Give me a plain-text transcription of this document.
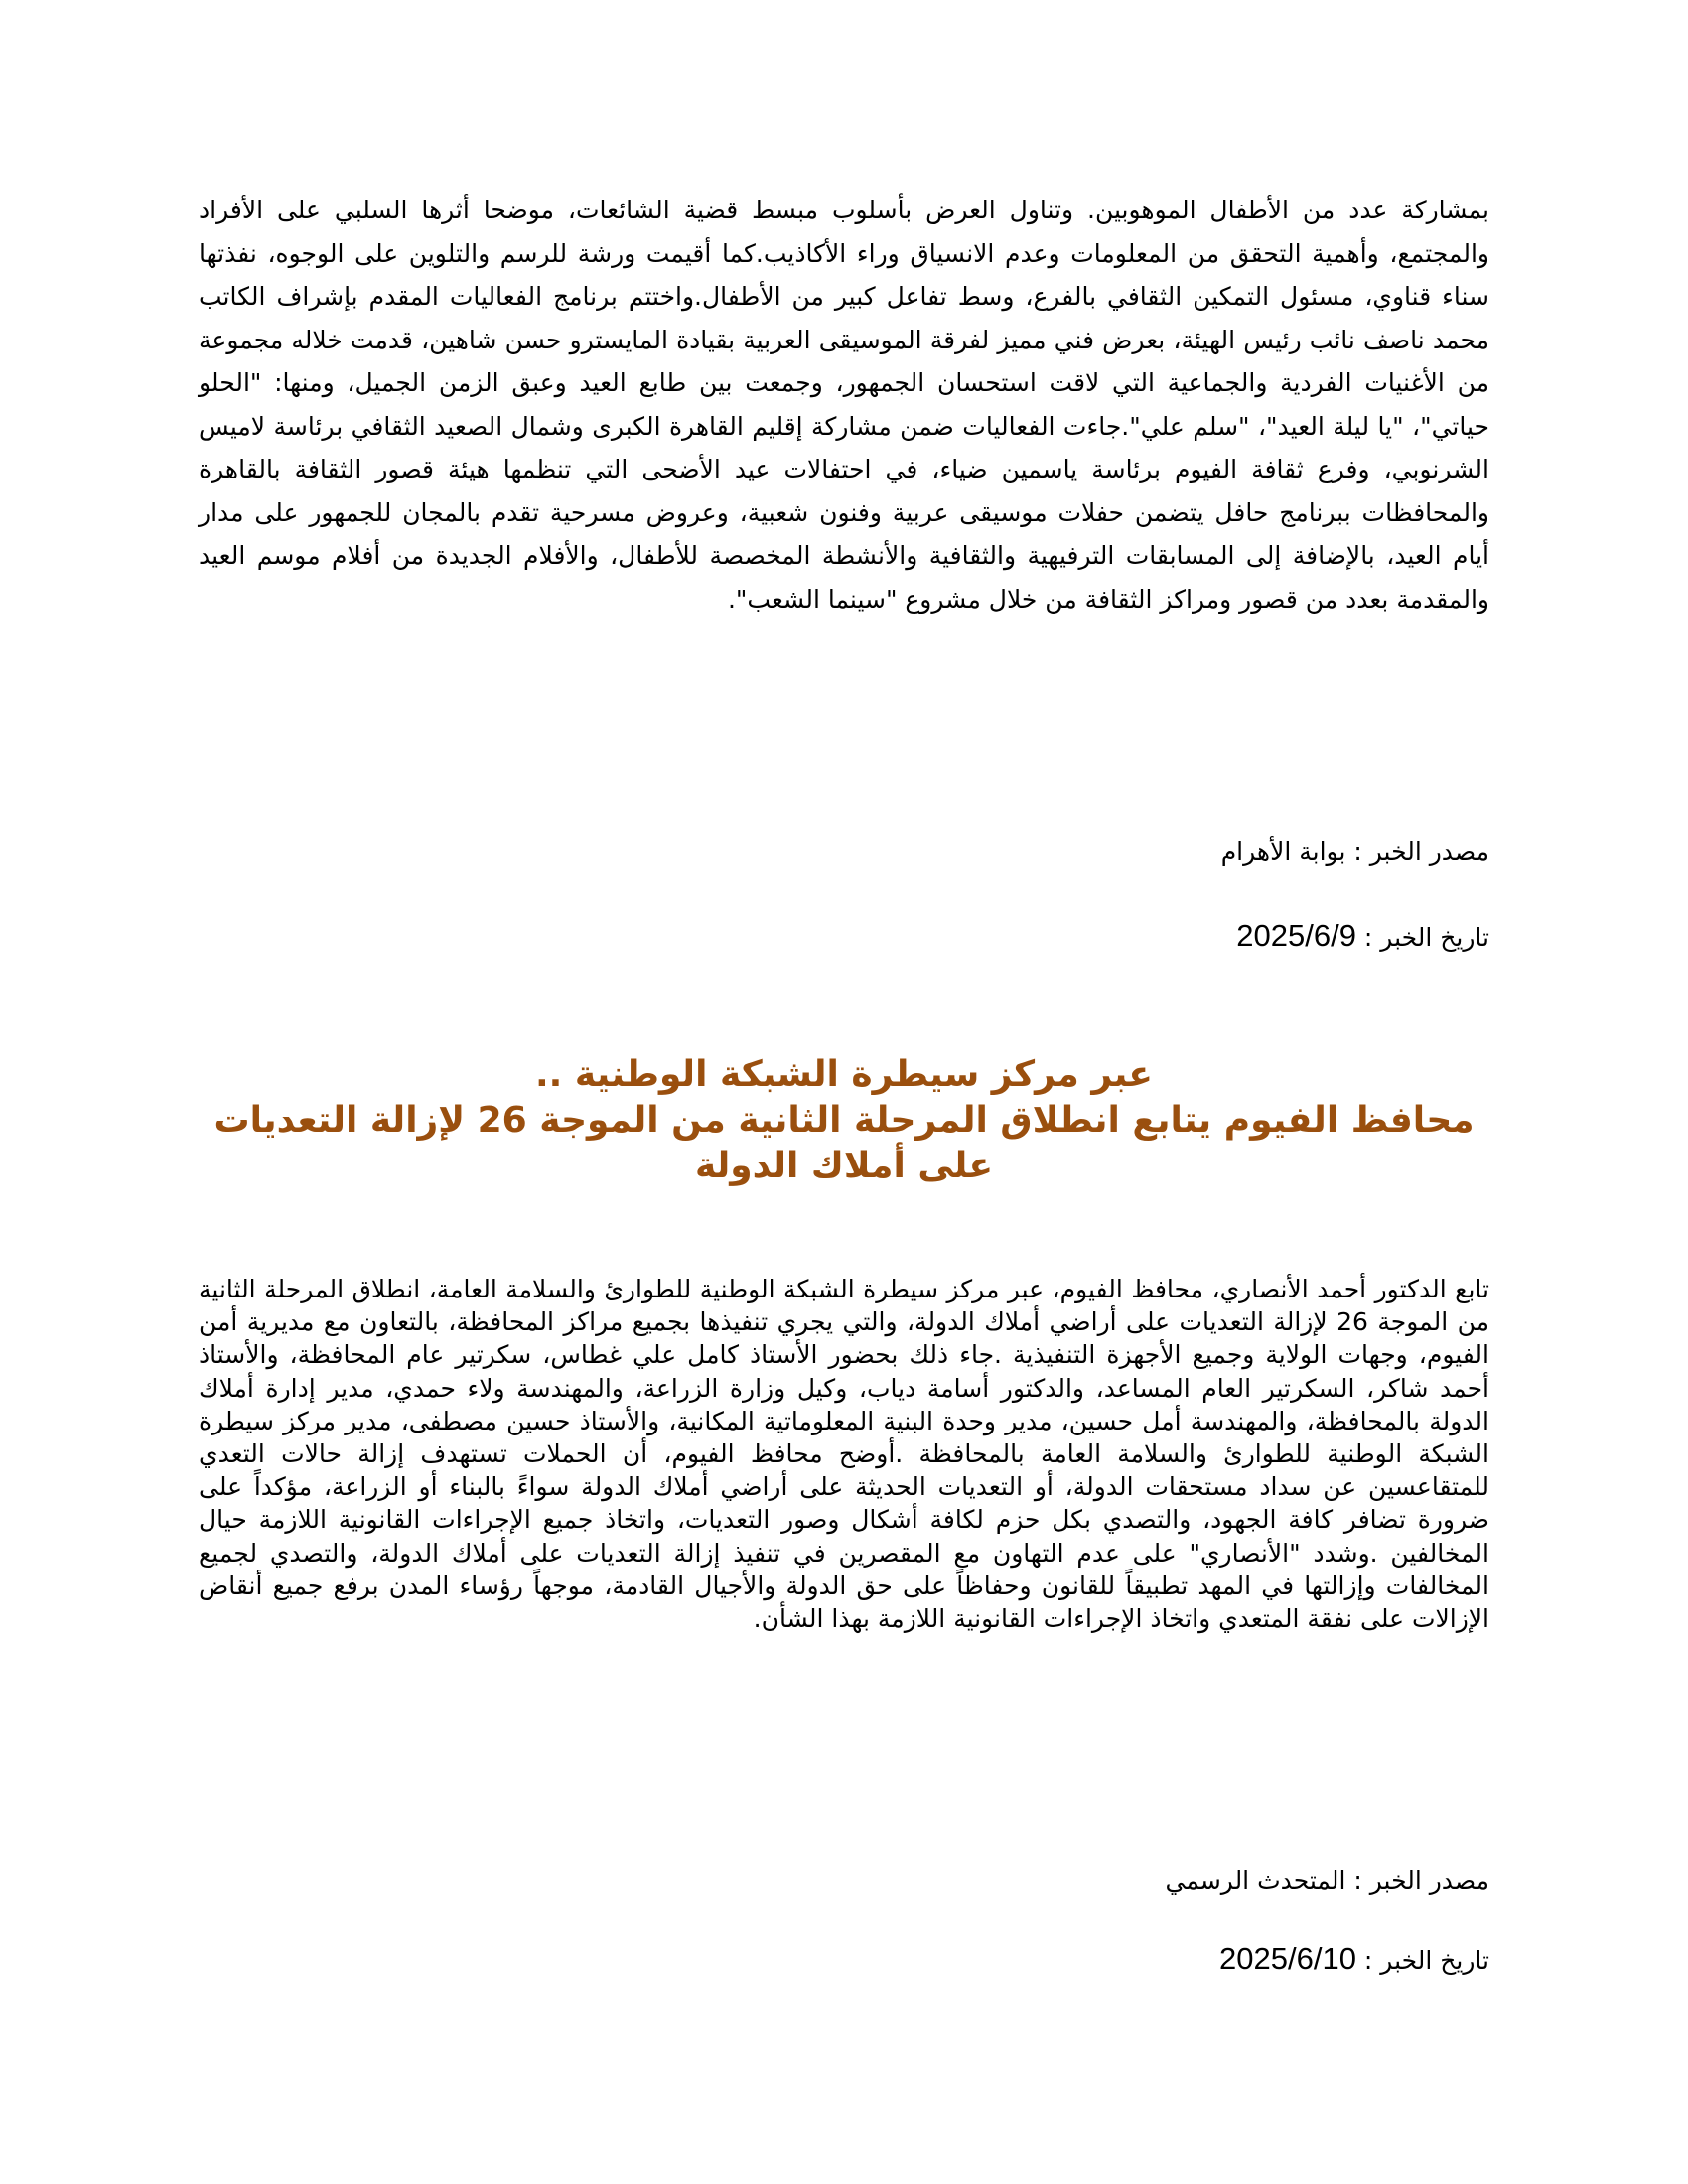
بمشاركة عدد من الأطفال الموهوبين. وتناول العرض بأسلوب مبسط قضية الشائعات، موضحا أثرها السلبي على الأفراد والمجتمع، وأهمية التحقق من المعلومات وعدم الانسياق وراء الأكاذيب.كما أقيمت ورشة للرسم والتلوين على الوجوه، نفذتها سناء قناوي، مسئول التمكين الثقافي بالفرع، وسط تفاعل كبير من الأطفال.واختتم برنامج الفعاليات المقدم بإشراف الكاتب محمد ناصف نائب رئيس الهيئة، بعرض فني مميز لفرقة الموسيقى العربية بقيادة المايسترو حسن شاهين، قدمت خلاله مجموعة من الأغنيات الفردية والجماعية التي لاقت استحسان الجمهور، وجمعت بين طابع العيد وعبق الزمن الجميل، ومنها: "الحلو حياتي"، "يا ليلة العيد"، "سلم علي".جاءت الفعاليات ضمن مشاركة إقليم القاهرة الكبرى وشمال الصعيد الثقافي برئاسة لاميس الشرنوبي، وفرع ثقافة الفيوم برئاسة ياسمين ضياء، في احتفالات عيد الأضحى التي تنظمها هيئة قصور الثقافة بالقاهرة والمحافظات ببرنامج حافل يتضمن حفلات موسيقى عربية وفنون شعبية، وعروض مسرحية تقدم بالمجان للجمهور على مدار أيام العيد، بالإضافة إلى المسابقات الترفيهية والثقافية والأنشطة المخصصة للأطفال، والأفلام الجديدة من أفلام موسم العيد والمقدمة بعدد من قصور ومراكز الثقافة من خلال مشروع "سينما الشعب".

مصدر الخبر : بوابة الأهرام

تاريخ الخبر : 2025/6/9

عبر مركز سيطرة الشبكة الوطنية ..
محافظ الفيوم يتابع انطلاق المرحلة الثانية من الموجة 26 لإزالة التعديات على أملاك الدولة

تابع الدكتور أحمد الأنصاري، محافظ الفيوم، عبر مركز سيطرة الشبكة الوطنية للطوارئ والسلامة العامة، انطلاق المرحلة الثانية من الموجة 26 لإزالة التعديات على أراضي أملاك الدولة، والتي يجري تنفيذها بجميع مراكز المحافظة، بالتعاون مع مديرية أمن الفيوم، وجهات الولاية وجميع الأجهزة التنفيذية .جاء ذلك بحضور الأستاذ كامل علي غطاس، سكرتير عام المحافظة، والأستاذ أحمد شاكر، السكرتير العام المساعد، والدكتور أسامة دياب، وكيل وزارة الزراعة، والمهندسة ولاء حمدي، مدير إدارة أملاك الدولة بالمحافظة، والمهندسة أمل حسين، مدير وحدة البنية المعلوماتية المكانية، والأستاذ حسين مصطفى، مدير مركز سيطرة الشبكة الوطنية للطوارئ والسلامة العامة بالمحافظة .أوضح محافظ الفيوم، أن الحملات تستهدف إزالة حالات التعدي للمتقاعسين عن سداد مستحقات الدولة، أو التعديات الحديثة على أراضي أملاك الدولة سواءً بالبناء أو الزراعة، مؤكداً على ضرورة تضافر كافة الجهود، والتصدي بكل حزم لكافة أشكال وصور التعديات، واتخاذ جميع الإجراءات القانونية اللازمة حيال المخالفين .وشدد "الأنصاري" على عدم التهاون مع المقصرين في تنفيذ إزالة التعديات على أملاك الدولة، والتصدي لجميع المخالفات وإزالتها في المهد تطبيقاً للقانون وحفاظاً على حق الدولة والأجيال القادمة، موجهاً رؤساء المدن برفع جميع أنقاض الإزالات على نفقة المتعدي واتخاذ الإجراءات القانونية اللازمة بهذا الشأن.

مصدر الخبر : المتحدث الرسمي

تاريخ الخبر : 2025/6/10
